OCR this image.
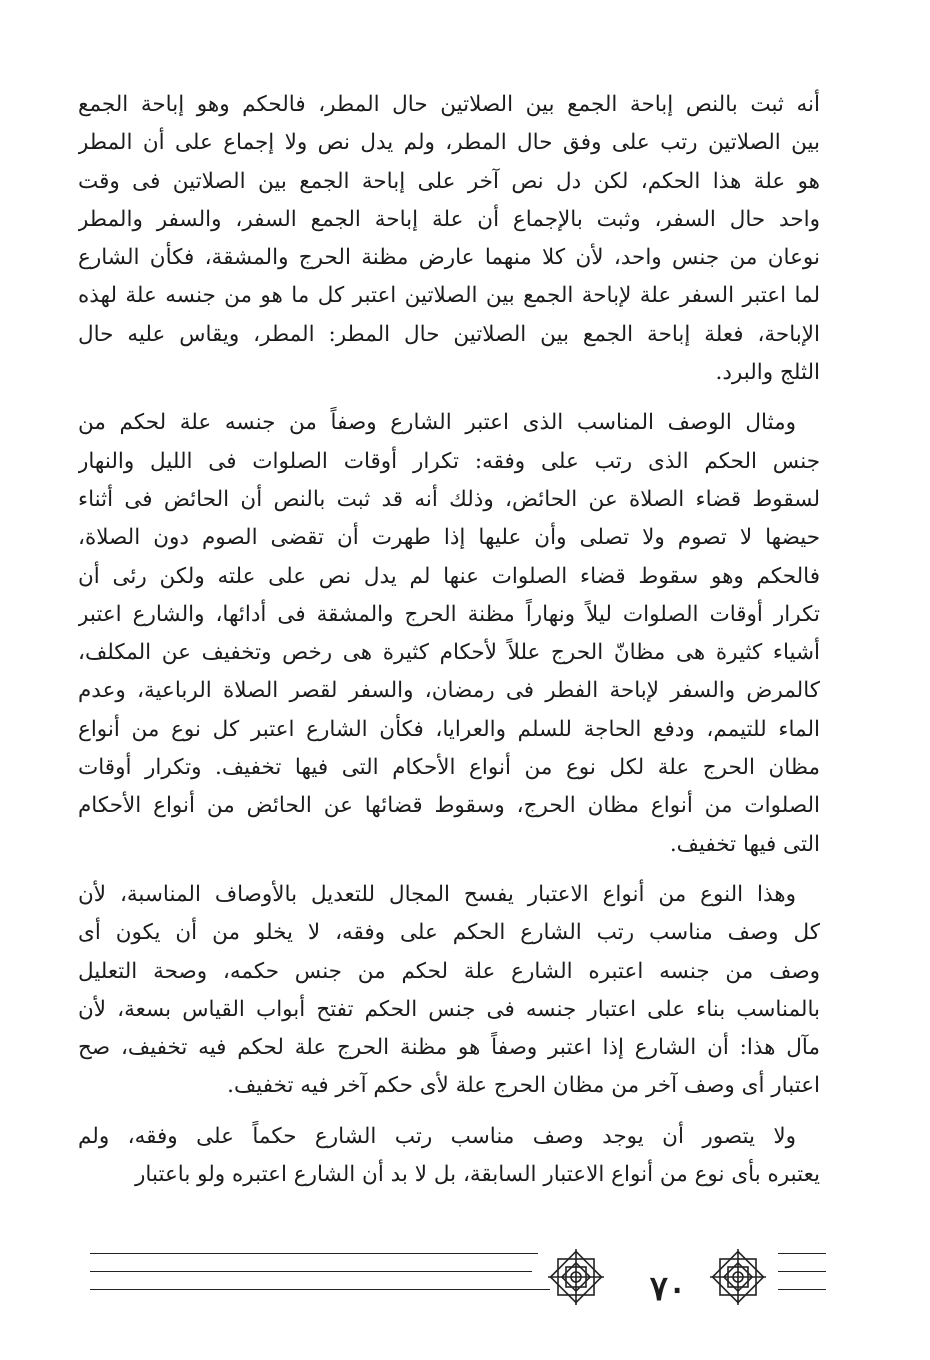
أنه ثبت بالنص إباحة الجمع بين الصلاتين حال المطر، فالحكم وهو إباحة الجمع
بين الصلاتين رتب على وفق حال المطر، ولم يدل نص ولا إجماع على أن المطر
هو علة هذا الحكم، لكن دل نص آخر على إباحة الجمع بين الصلاتين فى وقت
واحد حال السفر، وثبت بالإجماع أن علة إباحة الجمع السفر، والسفر والمطر
نوعان من جنس واحد، لأن كلا منهما عارض مظنة الحرج والمشقة، فكأن الشارع
لما اعتبر السفر علة لإباحة الجمع بين الصلاتين اعتبر كل ما هو من جنسه علة لهذه
الإباحة، فعلة إباحة الجمع بين الصلاتين حال المطر: المطر، ويقاس عليه حال
الثلج والبرد.
ومثال الوصف المناسب الذى اعتبر الشارع وصفاً من جنسه علة لحكم من
جنس الحكم الذى رتب على وفقه: تكرار أوقات الصلوات فى الليل والنهار
لسقوط قضاء الصلاة عن الحائض، وذلك أنه قد ثبت بالنص أن الحائض فى أثناء
حيضها لا تصوم ولا تصلى وأن عليها إذا طهرت أن تقضى الصوم دون الصلاة،
فالحكم وهو سقوط قضاء الصلوات عنها لم يدل نص على علته ولكن رئى أن
تكرار أوقات الصلوات ليلاً ونهاراً مظنة الحرج والمشقة فى أدائها، والشارع اعتبر
أشياء كثيرة هى مظانّ الحرج عللاً لأحكام كثيرة هى رخص وتخفيف عن المكلف،
كالمرض والسفر لإباحة الفطر فى رمضان، والسفر لقصر الصلاة الرباعية، وعدم
الماء للتيمم، ودفع الحاجة للسلم والعرايا، فكأن الشارع اعتبر كل نوع من أنواع
مظان الحرج علة لكل نوع من أنواع الأحكام التى فيها تخفيف. وتكرار أوقات
الصلوات من أنواع مظان الحرج، وسقوط قضائها عن الحائض من أنواع الأحكام
التى فيها تخفيف.
وهذا النوع من أنواع الاعتبار يفسح المجال للتعديل بالأوصاف المناسبة، لأن
كل وصف مناسب رتب الشارع الحكم على وفقه، لا يخلو من أن يكون أى
وصف من جنسه اعتبره الشارع علة لحكم من جنس حكمه، وصحة التعليل
بالمناسب بناء على اعتبار جنسه فى جنس الحكم تفتح أبواب القياس بسعة، لأن
مآل هذا: أن الشارع إذا اعتبر وصفاً هو مظنة الحرج علة لحكم فيه تخفيف، صح
اعتبار أى وصف آخر من مظان الحرج علة لأى حكم آخر فيه تخفيف.
ولا يتصور أن يوجد وصف مناسب رتب الشارع حكماً على وفقه، ولم
يعتبره بأى نوع من أنواع الاعتبار السابقة، بل لا بد أن الشارع اعتبره ولو باعتبار
٧٠
